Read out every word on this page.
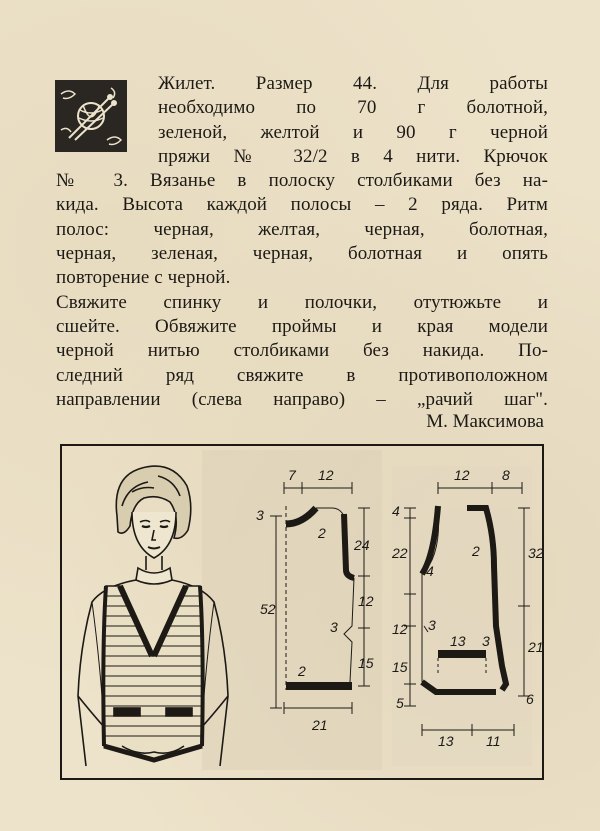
Жилет. Размер 44. Для работы
необходимо по 70 г болотной,
зеленой, желтой и 90 г черной
пряжи № 32/2 в 4 нити. Крючок
№ 3. Вязанье в полоску столбиками без на-
кида. Высота каждой полосы – 2 ряда. Ритм
полос: черная, желтая, черная, болотная,
черная, зеленая, черная, болотная и опять
повторение с черной.
Свяжите спинку и полочки, отутюжьте и
сшейте. Обвяжите проймы и края модели
черной нитью столбиками без накида. По-
следний ряд свяжите в противоположном
направлении (слева направо) – „рачий шаг".
М. Максимова
7 12
3
2
24
52	12
3
15
2
21
12 8
4
22	2	32
4
3
12
13 3	21
15
5	6
13 11
